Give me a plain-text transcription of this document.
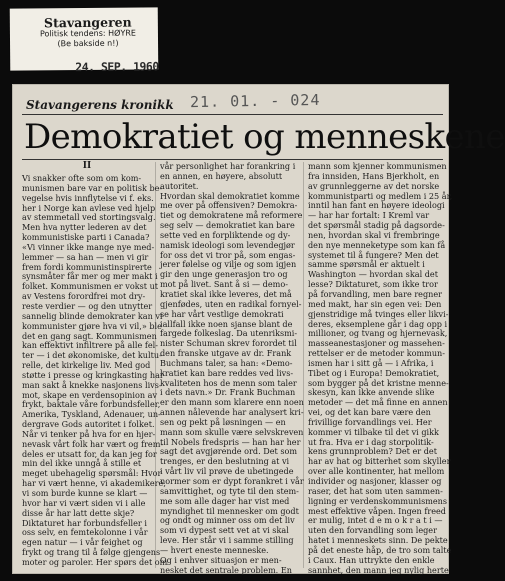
Stavangeren
Politisk tendens: HØYRE
(Be bakside n!)
24. SEP. 1960
Stavangerens kronikk 21. 01. - 024
Demokratiet og menneskene
II
Vi snakker ofte som om kom-
munismen bare var en politisk be-
vegelse hvis innflytelse vi f. eks.
her i Norge kan avlese ved hjelp
av stemmetall ved stortingsvalg.
Men hva nytter lederen av det
kommunistiske parti i Canada?
«Vi vinner ikke mange nye med-
lemmer — sa han — men vi gir
frem fordi kommunistinspirerte
synsmåter får mer og mer makt i
folket. Kommunismen er vokst ut
av Vestens forordfrei mot dry-
reste verdier — og den utnytter
sannelig blinde demokrater kan vi
kommunister gjøre hva vi vil,» ble
det en gang sagt. Kommunismen
kan effektivt infiltrere på alle fel-
ter — i det økonomiske, det kultu-
relle, det kirkelige liv. Med god
støtte i presse og kringkasting har
man sakt å knekke nasjonens livs-
mot, skape en verdensopinion av
frykt, baktale våre forbundsfeller,
Amerika, Tyskland, Adenauer, un-
dergrave Gods autoritet i folket.
Når vi tenker på hva for en hjer-
nevask vårt folk har vært og frem-
deles er utsatt for, da kan jeg for
min del ikke unngå å stille et
meget ubehagelig spørsmål: Hvor
har vi vært henne, vi akademikere,
vi som burde kunne se klart —
hvor har vi vært siden vi i alle
disse år har latt dette skje?
Diktaturet har forbundsfeller i
oss selv, en femtekolonne i vår
egen natur — i vår feighet og
frykt og trang til å følge gjengens
moter og paroler. Her spørs det om
vår personlighet har forankring i
en annen, en høyere, absolutt
autoritet.
Hvordan skal demokratiet komme
me over på offensiven? Demokra-
tiet og demokratene må reformere
seg selv — demokratiet kan bare
sette ved en forpliktende og dy-
namisk ideologi som levendegjør
for oss det vi tror på, som engas-
jerer følelse og vilje og som igjen
gir den unge generasjon tro og
mot på livet. Sant å si — demo-
kratiet skal ikke leveres, det må
gjenfødes, uten en radikal fornyel-
se har vårt vestlige demokrati
iallfall ikke noen sjanse blant de
fargede folkeslag. Da utenriksmi-
nister Schuman skrev forordet til
den franske utgave av dr. Frank
Buchmans taler, sa han: «Demo-
kratiet kan bare reddes ved livs-
kvaliteten hos de menn som taler
i dets navn.» Dr. Frank Buchman
er den mann som klarere enn noen
annen nålevende har analysert kri-
sen og pekt på løsningen — en
mann som skulle være selvskreven
til Nobels fredspris — han har her
sagt det avgjørende ord. Det som
trenges, er den beslutning at vi
i vårt liv vil prøve de ubetingede
normer som er dypt forankret i vår
samvittighet, og tyte til den stem-
me som alle dager har vist med
myndighet til mennesker om godt
og ondt og minner oss om det liv
som vi dypest sett vet at vi skal
leve. Her står vi i samme stilling
— hvert eneste menneske.
Og i enhver situasjon er men-
nesket det sentrale problem. En
mann som kjenner kommunismen
fra innsiden, Hans Bjerkholt, en
av grunnleggerne av det norske
kommunistparti og medlem i 25 år,
inntil han fant en høyere ideologi
— har har fortalt: I Kreml var
det spørsmål stadig på dagsorde-
nen, hvordan skal vi frembringe
den nye menneketype som kan få
systemet til å fungere? Men det
samme spørsmål er aktuelt i
Washington — hvordan skal det
lesse? Diktaturet, som ikke tror
på forvandling, men bare regner
med makt, har sin egen vei: Den
gjenstridige må tvinges eller likvi-
deres, eksemplene går i dag opp i
millioner, og tvang og hjernevask,
masseanestasjoner og massehen-
rettelser er de metoder kommun-
ismen har i sitt gå — i Afrika, i
Tibet og i Europa! Demokratiet,
som bygger på det kristne menne-
skesyn, kan ikke anvende slike
metoder — det må finne en annen
vei, og det kan bare være den
frivillige forvandlings vei. Her
kommer vi tilbake til det vi gikk
ut fra. Hva er i dag storpolitik-
kens grunnproblem? Det er det
har av hat og bitterhet som skyller
over alle kontinenter, hat mellom
individer og nasjoner, klasser og
raser, det hat som uten sammen-
ligning er verdenskommunismens
mest effektive våpen. Ingen freed
er mulig, intet d e m o k r a t i —
uten den forvandling som leger
hatet i menneskets sinn. De pekte
på det eneste håp, de tro som talte
i Caux. Han uttrykte den enkle
sannhet, den mann jeg nylig herte
